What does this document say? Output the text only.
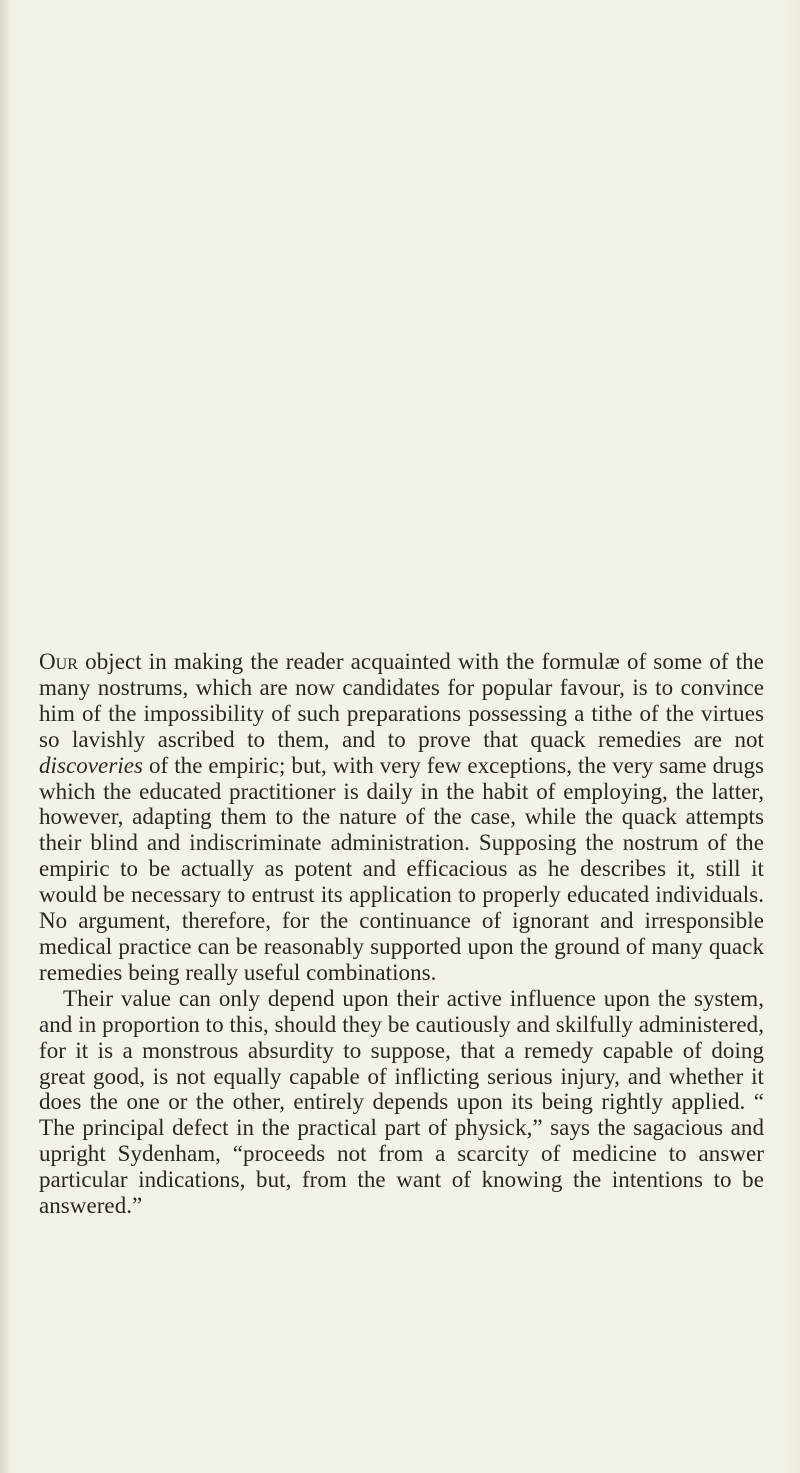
Our object in making the reader acquainted with the formulæ of some of the many nostrums, which are now candidates for popular favour, is to convince him of the impossibility of such preparations possessing a tithe of the virtues so lavishly ascribed to them, and to prove that quack remedies are not discoveries of the empiric; but, with very few exceptions, the very same drugs which the educated practitioner is daily in the habit of employing, the latter, however, adapting them to the nature of the case, while the quack attempts their blind and indiscriminate administration. Supposing the nostrum of the empiric to be actually as potent and efficacious as he describes it, still it would be necessary to entrust its application to properly educated individuals. No argument, therefore, for the continuance of ignorant and irresponsible medical practice can be reasonably supported upon the ground of many quack remedies being really useful combinations.

Their value can only depend upon their active influence upon the system, and in proportion to this, should they be cautiously and skilfully administered, for it is a monstrous absurdity to suppose, that a remedy capable of doing great good, is not equally capable of inflicting serious injury, and whether it does the one or the other, entirely depends upon its being rightly applied. “ The principal defect in the practical part of physick,” says the sagacious and upright Sydenham, “proceeds not from a scarcity of medicine to answer particular indications, but, from the want of knowing the intentions to be answered.”
